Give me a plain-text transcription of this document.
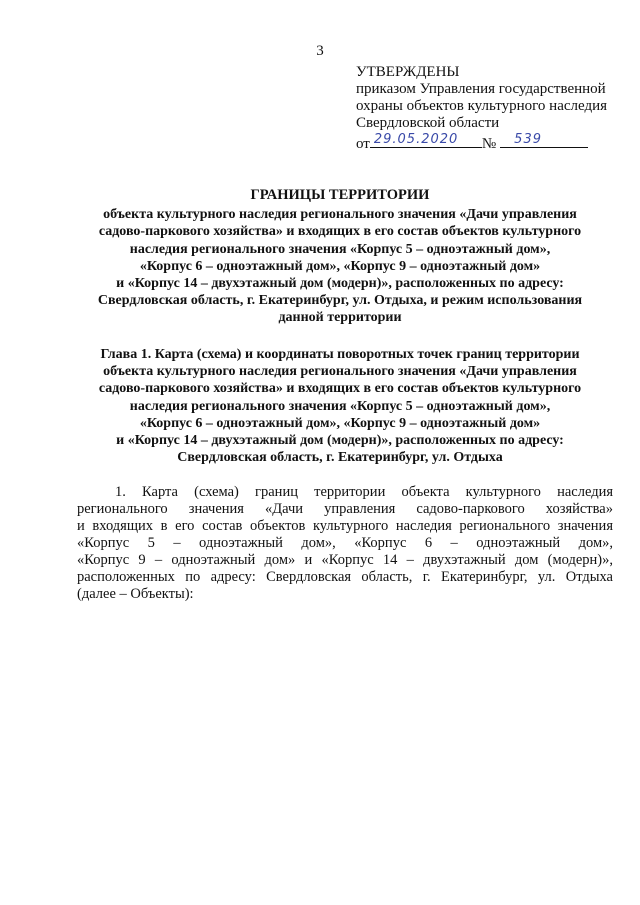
3
УТВЕРЖДЕНЫ
приказом Управления государственной
охраны объектов культурного наследия
Свердловской области
от 29.05.2020 № 539
ГРАНИЦЫ ТЕРРИТОРИИ
объекта культурного наследия регионального значения «Дачи управления
садово-паркового хозяйства» и входящих в его состав объектов культурного
наследия регионального значения «Корпус 5 – одноэтажный дом»,
«Корпус 6 – одноэтажный дом», «Корпус 9 – одноэтажный дом»
и «Корпус 14 – двухэтажный дом (модерн)», расположенных по адресу:
Свердловская область, г. Екатеринбург, ул. Отдыха, и режим использования
данной территории
Глава 1. Карта (схема) и координаты поворотных точек границ территории
объекта культурного наследия регионального значения «Дачи управления
садово-паркового хозяйства» и входящих в его состав объектов культурного
наследия регионального значения «Корпус 5 – одноэтажный дом»,
«Корпус 6 – одноэтажный дом», «Корпус 9 – одноэтажный дом»
и «Корпус 14 – двухэтажный дом (модерн)», расположенных по адресу:
Свердловская область, г. Екатеринбург, ул. Отдыха
1. Карта (схема) границ территории объекта культурного наследия
регионального значения «Дачи управления садово-паркового хозяйства»
и входящих в его состав объектов культурного наследия регионального значения
«Корпус 5 – одноэтажный дом», «Корпус 6 – одноэтажный дом»,
«Корпус 9 – одноэтажный дом» и «Корпус 14 – двухэтажный дом (модерн)»,
расположенных по адресу: Свердловская область, г. Екатеринбург, ул. Отдыха
(далее – Объекты):
